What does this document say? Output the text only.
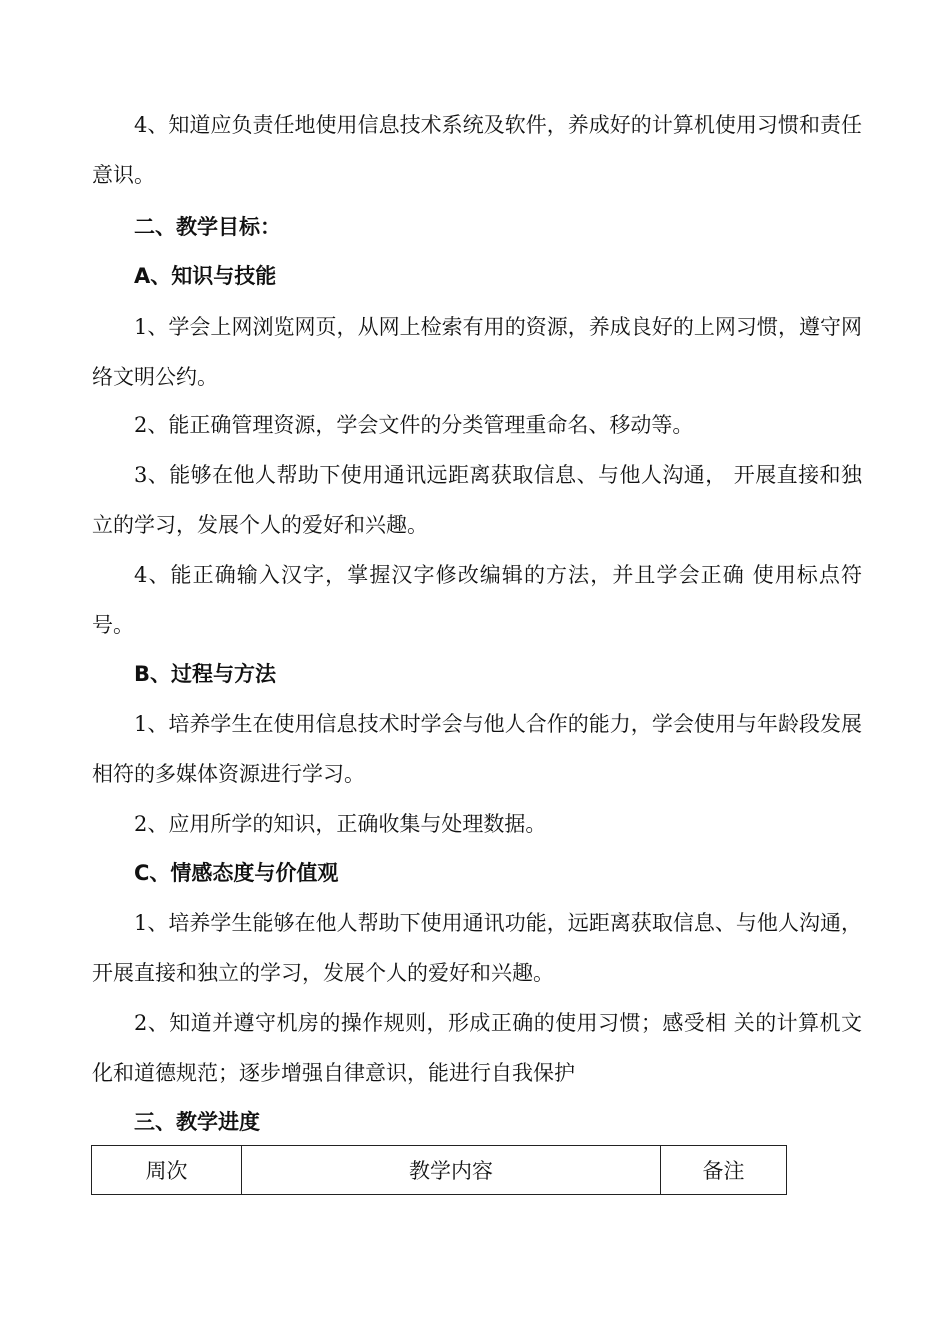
4、知道应负责任地使用信息技术系统及软件，养成好的计算机使用习惯和责任意识。

二、教学目标：
A、知识与技能

1、学会上网浏览网页，从网上检索有用的资源，养成良好的上网习惯，遵守网络文明公约。

2、能正确管理资源，学会文件的分类管理重命名、移动等。

3、能够在他人帮助下使用通讯远距离获取信息、与他人沟通， 开展直接和独立的学习，发展个人的爱好和兴趣。

4、能正确输入汉字，掌握汉字修改编辑的方法，并且学会正确 使用标点符号。

B、过程与方法

1、培养学生在使用信息技术时学会与他人合作的能力，学会使用与年龄段发展相符的多媒体资源进行学习。

2、应用所学的知识，正确收集与处理数据。

C、情感态度与价值观

1、培养学生能够在他人帮助下使用通讯功能，远距离获取信息、与他人沟通，开展直接和独立的学习，发展个人的爱好和兴趣。

2、知道并遵守机房的操作规则，形成正确的使用习惯；感受相 关的计算机文化和道德规范；逐步增强自律意识，能进行自我保护

三、教学进度
周次	教学内容	备注
